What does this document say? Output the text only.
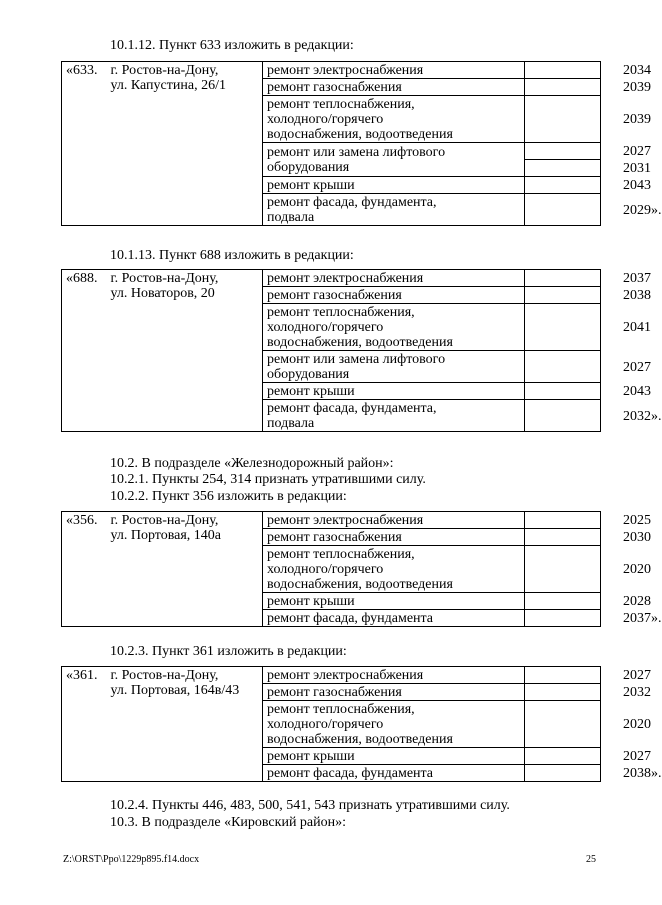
10.1.12. Пункт 633 изложить в редакции:
«633.	г. Ростов-на-Дону,
ул. Капустина, 26/1	ремонт электроснабжения	2034
		ремонт газоснабжения	2039
		ремонт теплоснабжения,
холодного/горячего
водоснабжения, водоотведения	2039
		ремонт или замена лифтового
оборудования	2027
			2031
		ремонт крыши	2043
		ремонт фасада, фундамента,
подвала	2029».
10.1.13. Пункт 688 изложить в редакции:
«688.	г. Ростов-на-Дону,
ул. Новаторов, 20	ремонт электроснабжения	2037
		ремонт газоснабжения	2038
		ремонт теплоснабжения,
холодного/горячего
водоснабжения, водоотведения	2041
		ремонт или замена лифтового
оборудования	2027
		ремонт крыши	2043
		ремонт фасада, фундамента,
подвала	2032».
10.2. В подразделе «Железнодорожный район»:
10.2.1. Пункты 254, 314 признать утратившими силу.
10.2.2. Пункт 356 изложить в редакции:
«356.	г. Ростов-на-Дону,
ул. Портовая, 140а	ремонт электроснабжения	2025
		ремонт газоснабжения	2030
		ремонт теплоснабжения,
холодного/горячего
водоснабжения, водоотведения	2020
		ремонт крыши	2028
		ремонт фасада, фундамента	2037».
10.2.3. Пункт 361 изложить в редакции:
«361.	г. Ростов-на-Дону,
ул. Портовая, 164в/43	ремонт электроснабжения	2027
		ремонт газоснабжения	2032
		ремонт теплоснабжения,
холодного/горячего
водоснабжения, водоотведения	2020
		ремонт крыши	2027
		ремонт фасада, фундамента	2038».
10.2.4. Пункты 446, 483, 500, 541, 543 признать утратившими силу.
10.3. В подразделе «Кировский район»:
Z:\ORST\Ppo\1229p895.f14.docx	25
